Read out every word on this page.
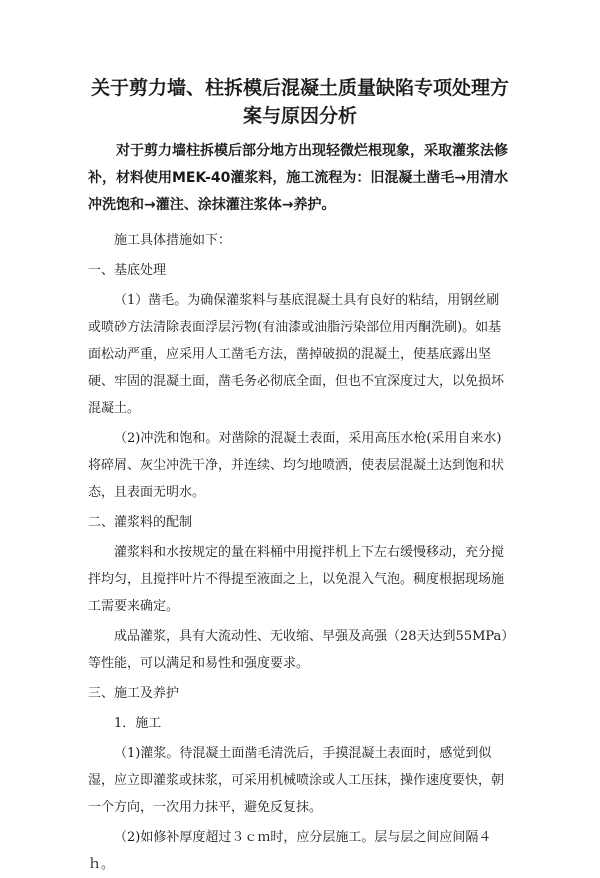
关于剪力墙、柱拆模后混凝土质量缺陷专项处理方案与原因分析

对于剪力墙柱拆模后部分地方出现轻微烂根现象，采取灌浆法修补，材料使用MEK-40灌浆料，施工流程为：旧混凝土凿毛→用清水冲洗饱和→灌注、涂抹灌注浆体→养护。

施工具体措施如下：

一、基底处理

（1）凿毛。为确保灌浆料与基底混凝土具有良好的粘结，用钢丝刷或喷砂方法清除表面浮层污物(有油漆或油脂污染部位用丙酮洗刷)。如基面松动严重，应采用人工凿毛方法，凿掉破损的混凝土，使基底露出坚硬、牢固的混凝土面，凿毛务必彻底全面，但也不宜深度过大，以免损坏混凝土。

（2)冲洗和饱和。对凿除的混凝土表面，采用高压水枪(采用自来水)将碎屑、灰尘冲洗干净，并连续、均匀地喷洒，使表层混凝土达到饱和状态，且表面无明水。

二、灌浆料的配制

灌浆料和水按规定的量在料桶中用搅拌机上下左右缓慢移动，充分搅拌均匀，且搅拌叶片不得提至液面之上，以免混入气泡。稠度根据现场施工需要来确定。

成品灌浆，具有大流动性、无收缩、早强及高强（28天达到55MPa）等性能，可以满足和易性和强度要求。

三、施工及养护

1．施工

（1)灌浆。待混凝土面凿毛清洗后，手摸混凝土表面时，感觉到似湿，应立即灌浆或抹浆，可采用机械喷涂或人工压抹，操作速度要快，朝一个方向，一次用力抹平，避免反复抹。

（2)如修补厚度超过３ｃｍ时，应分层施工。层与层之间应间隔４ｈ。
